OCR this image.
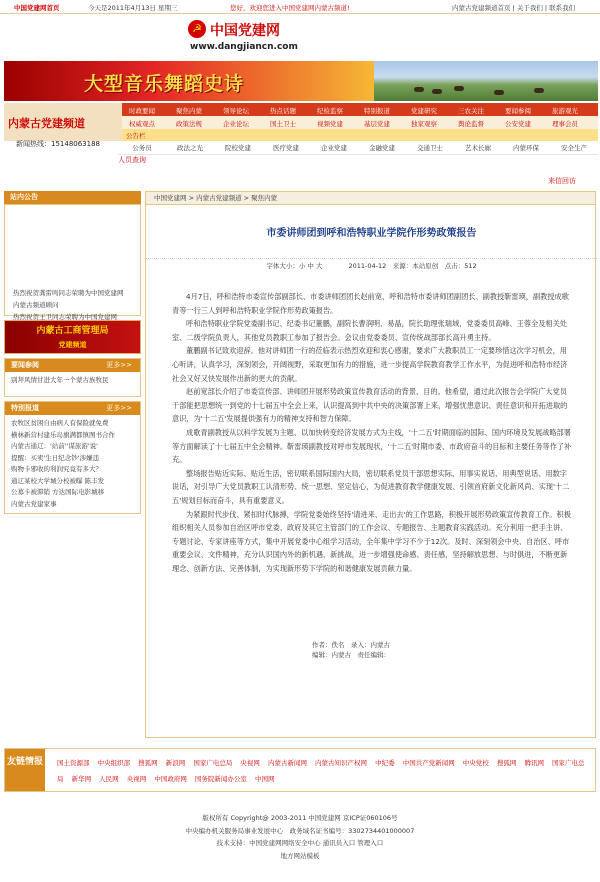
中国党建网首页	今天是2011年4月13日 星期三	您好，欢迎您进入中国党建网内蒙古频道!	内蒙古党建频道首页 | 关于我们 | 联系我们
☭ 中国党建网
www.dangjiancn.com
大型音乐舞蹈史诗
内蒙古党建频道
时政要闻	聚焦内蒙	领导论坛	热点话题	纪检监察	特别报道	党建研究	三农关注	要闻参阅	旅游观光
权威观点	政策法规	企业论坛	国土卫士	视频党建	基层党建	独家观察	舆论监督	公安党建	理事会员
公告栏
新闻热线：15148063188	公务员	政法之光	院校党建	医疗党建	企业党建	金融党建	交通卫士	艺术长廊	内蒙环保	安全生产
人员查询
来信回访
站内公告
热烈祝贺龚雷鸣同志荣聘为中国党建网
内蒙古频道顾问
热烈祝贺王卫同志荣聘为中国党建网
内蒙古工商管理局
党建频道
要闻参阅	更多>>
别拜风情甘进大年一个蒙古族牧民
特别报道	更多>>
农牧区贫困自由病人有保险就免费
横林新营村建乐岛旗满都镇图书合作
内蒙古通辽：'站前''谋旅游'说'
提醒：买卖'生日纪念钞'涉嫌违
购物卡邪收的利润究竟有多大？
通辽某校大学城分校被曝 陈丰发
公募卡被滞销 方达国际电影城移
内蒙古党建家事
中国党建网 > 内蒙古党建频道 > 聚焦内蒙
市委讲师团到呼和浩特职业学院作形势政策报告
字体大小：小 中 大　　　　2011-04-12　来源：本站原创　点击：512

4月7日，呼和浩特市委宣传部副部长、市委讲师团团长赵前宽，呼和浩特市委讲师团副团长、副教授靳雷瑛，副教授成歌青等一行三人到呼和浩特职业学院作形势政策报告。

呼和浩特职业学院党委副书记、纪委书记董鹏，副院长曹润明、易晶，院长助理张瑞域，党委委员高峰、王蓉全及相关处室、二级学院负责人，其他党员教职工参加了报告会。会议由党委委员、宣传统战部部长高升勇主持。

董鹏副书记致欢迎辞。他对讲师团一行的莅临表示热烈欢迎和衷心感谢，要求广大教职员工一定要珍惜这次学习机会，用心听讲，认真学习，深刻领会，开阔视野，采取更加有力的措施，进一步提高学院教育教学工作水平，为促进呼和浩特市经济社会又好又快发展作出新的更大的贡献。

赵前宽部长介绍了市委宣传部、讲师团开展形势政策宣传教育活动的背景、目的。他希望，通过此次报告会学院广大党员干部能把思想统一到党的十七届五中全会上来，认识提高到中共中央的决策部署上来，增强忧患意识、责任意识和开拓进取的意识，为'十二五'发展提供强有力的精神支持和智力保障。

成歌青副教授从以科学发展为主题、以加快转变经济发展方式为主线，'十二五'时期面临的国际、国内环境及发展战略部署等方面解读了十七届五中全会精神。靳雷瑛副教授对呼市发展现状，'十二五'时期市委、市政府奋斗的目标和主要任务等作了补充。

整场报告贴近实际、贴近生活，密切联系国际国内大局，密切联系党员干部思想实际，用事实说话、用典型说话、用数字说话，对引导广大党员教职工认清形势、统一思想、坚定信心，为促进教育教学健康发展、引领首府新文化新风尚、实现'十二五'规划目标而奋斗，具有重要意义。

为紧跟时代步伐、紧扣时代脉搏，学院党委始终坚持'请进来、走出去'的工作思路，积极开展形势政策宣传教育工作。积极组织相关人员参加自治区呼市党委、政府及其它主管部门的工作会议、专题报告、主题教育实践活动。充分利用一把手主讲、专题讨论、专家讲座等方式，集中开展党委中心组学习活动，全年集中学习不少于12次。及时、深刻领会中央、自治区、呼市重要会议、文件精神，充分认识国内外的新机遇、新挑战，进一步增强使命感、责任感，坚持解放思想、与时俱进，不断更新理念、创新方法、完善体制，为实现新形势下学院的和谐健康发展贡献力量。

作者：佚名　录入：内蒙古
编辑：内蒙古　责任编辑：
友链情报	国土资源部 中央组织部 搜狐网 新浪网 国家广电总局 央视网 内蒙古新闻网 内蒙古知识产权网 中纪委 中国共产党新闻网 中央党校 搜狐网 腾讯网 国家广电总局 新华网 人民网 央视网 中国政府网 国务院新闻办公室 中国网
版权所有 Copyright@ 2003-2011 中国党建网 京ICP证060106号
中央编办机关服务局事业发展中心　政务域名证书编号：3302734401000007
技术支持：中国党建网网络安全中心 通讯员入口 管理入口
地方网站模板
